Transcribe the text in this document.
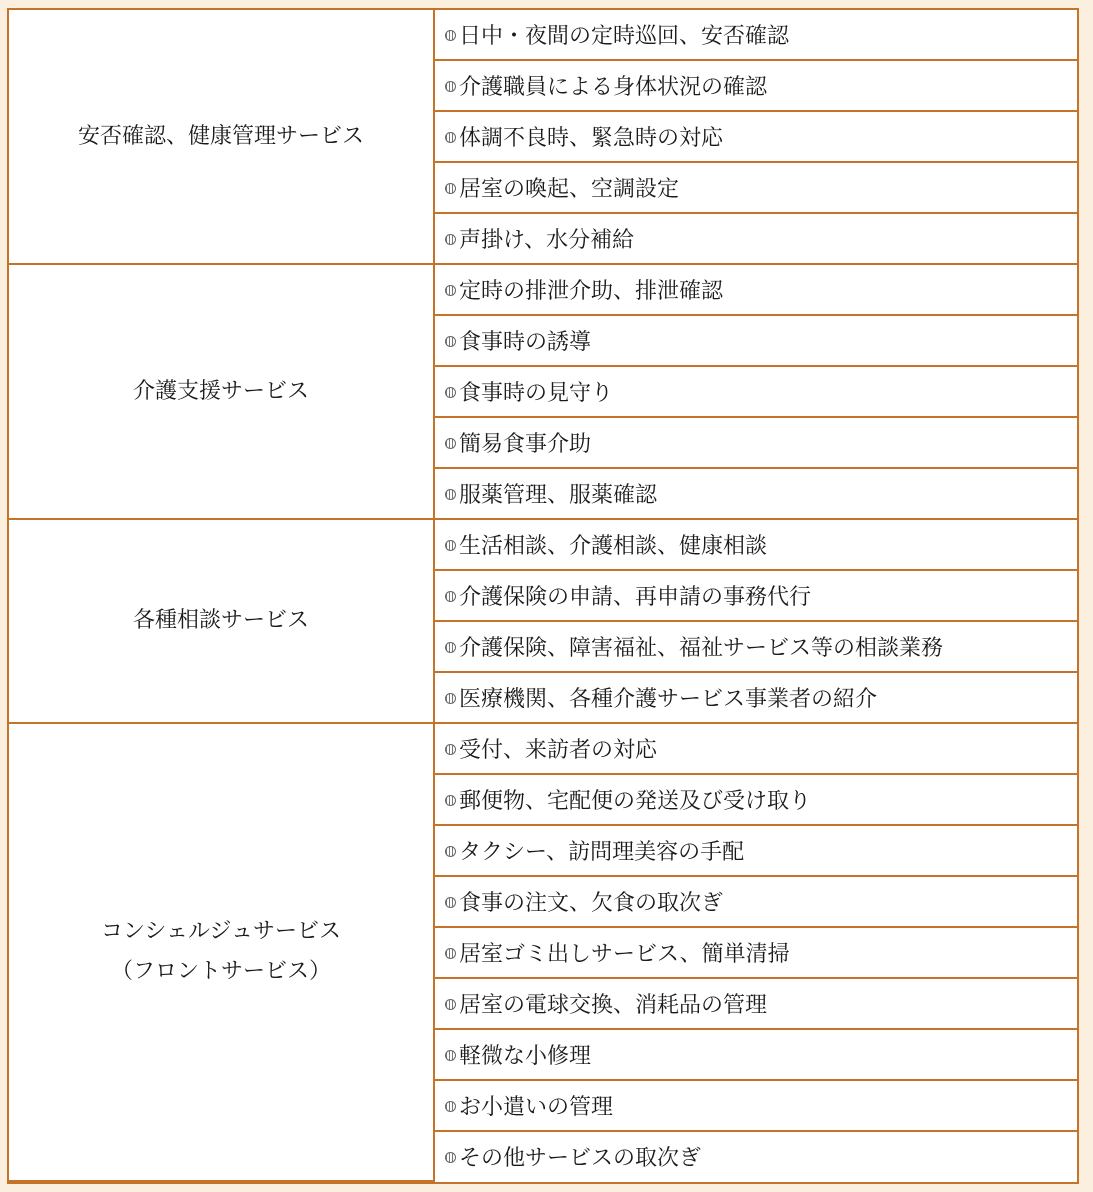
安否確認、健康管理サービス	日中・夜間の定時巡回、安否確認
	介護職員による身体状況の確認
	体調不良時、緊急時の対応
	居室の喚起、空調設定
	声掛け、水分補給

介護支援サービス	定時の排泄介助、排泄確認
	食事時の誘導
	食事時の見守り
	簡易食事介助
	服薬管理、服薬確認

各種相談サービス	生活相談、介護相談、健康相談
	介護保険の申請、再申請の事務代行
	介護保険、障害福祉、福祉サービス等の相談業務
	医療機関、各種介護サービス事業者の紹介

コンシェルジュサービス
（フロントサービス）	受付、来訪者の対応
	郵便物、宅配便の発送及び受け取り
	タクシー、訪問理美容の手配
	食事の注文、欠食の取次ぎ
	居室ゴミ出しサービス、簡単清掃
	居室の電球交換、消耗品の管理
	軽微な小修理
	お小遣いの管理
	その他サービスの取次ぎ
